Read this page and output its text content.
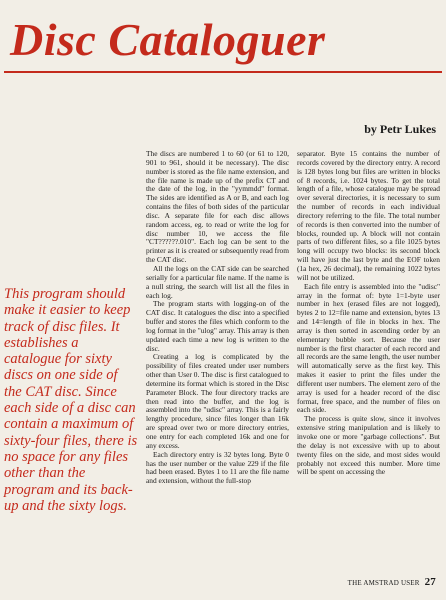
Disc Cataloguer
by Petr Lukes

This program should make it easier to keep track of disc files. It establishes a catalogue for sixty discs on one side of the CAT disc. Since each side of a disc can contain a maximum of sixty-four files, there is no space for any files other than the program and its back-up and the sixty logs.

The discs are numbered 1 to 60 (or 61 to 120, 901 to 961, should it be necessary). The disc number is stored as the file name extension, and the file name is made up of the prefix CT and the date of the log, in the "yymmdd" format. The sides are identified as A or B, and each log contains the files of both sides of the particular disc. A separate file for each disc allows random access, eg. to read or write the log for disc number 10, we access the file "CT??????.010". Each log can be sent to the printer as it is created or subsequently read from the CAT disc.

All the logs on the CAT side can be searched serially for a particular file name. If the name is a null string, the search will list all the files in each log.

The program starts with logging-on of the CAT disc. It catalogues the disc into a specified buffer and stores the files which conform to the log format in the "ulog" array. This array is then updated each time a new log is written to the disc.

Creating a log is complicated by the possibility of files created under user numbers other than User 0. The disc is first catalogued to determine its format which is stored in the Disc Parameter Block. The four directory tracks are then read into the buffer, and the log is assembled into the "udisc" array. This is a fairly lengthy procedure, since files longer than 16k are spread over two or more directory entries, one entry for each completed 16k and one for any excess.

Each directory entry is 32 bytes long. Byte 0 has the user number or the value 229 if the file had been erased. Bytes 1 to 11 are the file name and extension, without the full-stop

separator. Byte 15 contains the number of records covered by the directory entry. A record is 128 bytes long but files are written in blocks of 8 records, i.e. 1024 bytes. To get the total length of a file, whose catalogue may be spread over several directories, it is necessary to sum the number of records in each individual directory referring to the file. The total number of records is then converted into the number of blocks, rounded up. A block will not contain parts of two different files, so a file 1025 bytes long will occupy two blocks: its second block will have just the last byte and the EOF token (1a hex, 26 decimal), the remaining 1022 bytes will not be utilized.

Each file entry is assembled into the "udisc" array in the format of: byte 1=1-byte user number in hex (erased files are not logged), bytes 2 to 12=file name and extension, bytes 13 and 14=length of file in blocks in hex. The array is then sorted in ascending order by an elementary bubble sort. Because the user number is the first character of each record and all records are the same length, the user number will automatically serve as the first key. This makes it easier to print the files under the different user numbers. The element zero of the array is used for a header record of the disc format, free space, and the number of files on each side.

The process is quite slow, since it involves extensive string manipulation and is likely to invoke one or more "garbage collections". But the delay is not excessive with up to about twenty files on the side, and most sides would probably not exceed this number. More time will be spent on accessing the

THE AMSTRAD USER 27
